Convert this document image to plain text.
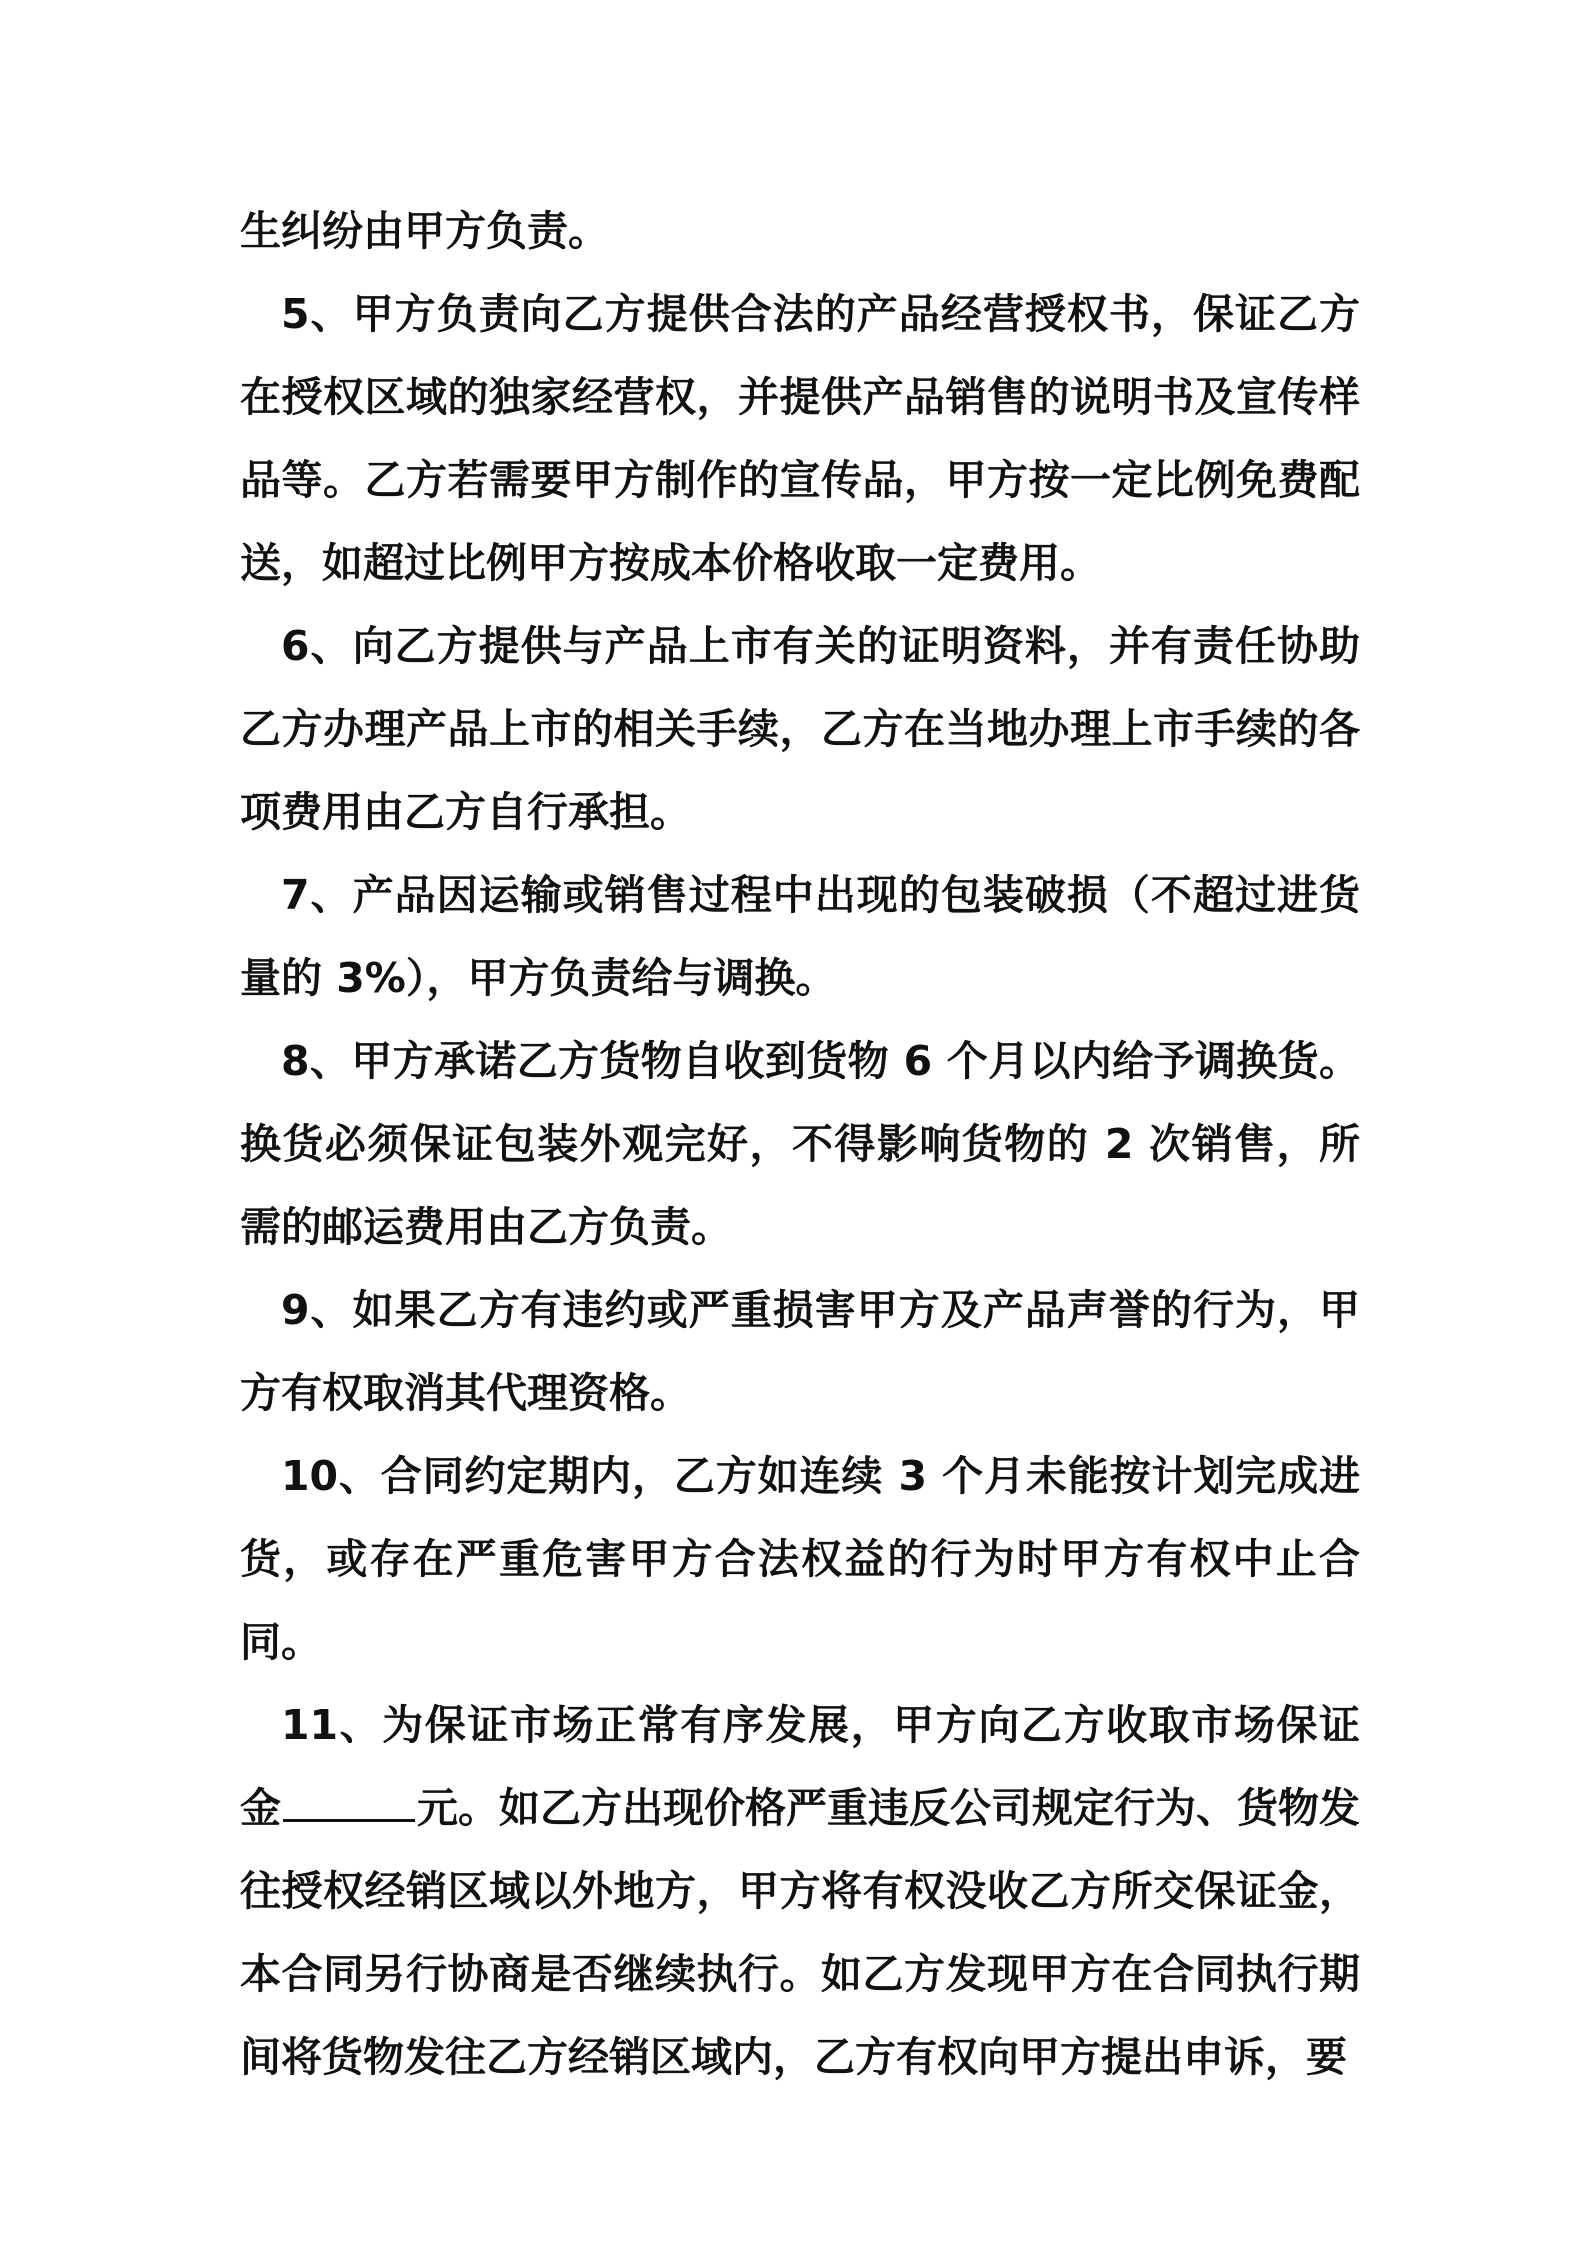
生纠纷由甲方负责。

5、甲方负责向乙方提供合法的产品经营授权书，保证乙方在授权区域的独家经营权，并提供产品销售的说明书及宣传样品等。乙方若需要甲方制作的宣传品，甲方按一定比例免费配送，如超过比例甲方按成本价格收取一定费用。

6、向乙方提供与产品上市有关的证明资料，并有责任协助乙方办理产品上市的相关手续，乙方在当地办理上市手续的各项费用由乙方自行承担。

7、产品因运输或销售过程中出现的包装破损（不超过进货量的 3%），甲方负责给与调换。

8、甲方承诺乙方货物自收到货物 6 个月以内给予调换货。换货必须保证包装外观完好，不得影响货物的 2 次销售，所需的邮运费用由乙方负责。

9、如果乙方有违约或严重损害甲方及产品声誉的行为，甲方有权取消其代理资格。

10、合同约定期内，乙方如连续 3 个月未能按计划完成进货，或存在严重危害甲方合法权益的行为时甲方有权中止合同。

11、为保证市场正常有序发展，甲方向乙方收取市场保证金	元。如乙方出现价格严重违反公司规定行为、货物发往授权经销区域以外地方，甲方将有权没收乙方所交保证金，本合同另行协商是否继续执行。如乙方发现甲方在合同执行期间将货物发往乙方经销区域内，乙方有权向甲方提出申诉，要
